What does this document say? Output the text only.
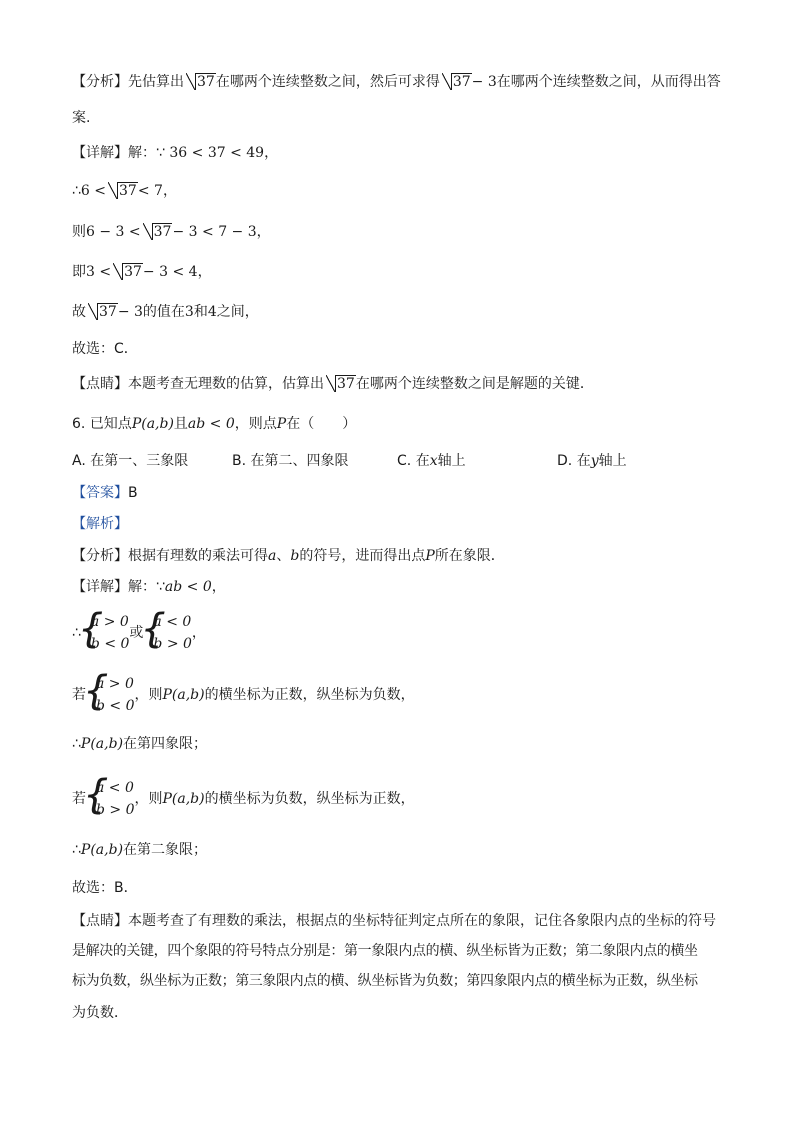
【分析】先估算出 37在哪两个连续整数之间，然后可求得 37− 3在哪两个连续整数之间，从而得出答
案.
【详解】解：∵ 36 < 37 < 49，
∴6 < 37< 7，
则6 − 3 < 37− 3 < 7 − 3，
即3 < 37− 3 < 4，
故 37− 3的值在3和4之间，
故选：C．
【点睛】本题考查无理数的估算，估算出 37在哪两个连续整数之间是解题的关键．
6. 已知点P(a,b)且ab < 0，则点P在（　　）
A. 在第一、三象限	B. 在第二、四象限	C. 在x轴上	D. 在y轴上
【答案】B
【解析】
【分析】根据有理数的乘法可得a、b的符号，进而得出点P所在象限．
【详解】解：∵ab < 0，
∴
{ a > 0
b < 0
或
{ a < 0
b > 0
，
若
{ a > 0
b < 0
，则P(a,b)的横坐标为正数，纵坐标为负数，
∴P(a,b)在第四象限；
若
{ a < 0
b > 0
，则P(a,b)的横坐标为负数，纵坐标为正数，
∴P(a,b)在第二象限；
故选：B．
【点睛】本题考查了有理数的乘法，根据点的坐标特征判定点所在的象限，记住各象限内点的坐标的符号
是解决的关键，四个象限的符号特点分别是：第一象限内点的横、纵坐标皆为正数；第二象限内点的横坐
标为负数，纵坐标为正数；第三象限内点的横、纵坐标皆为负数；第四象限内点的横坐标为正数，纵坐标
为负数．
